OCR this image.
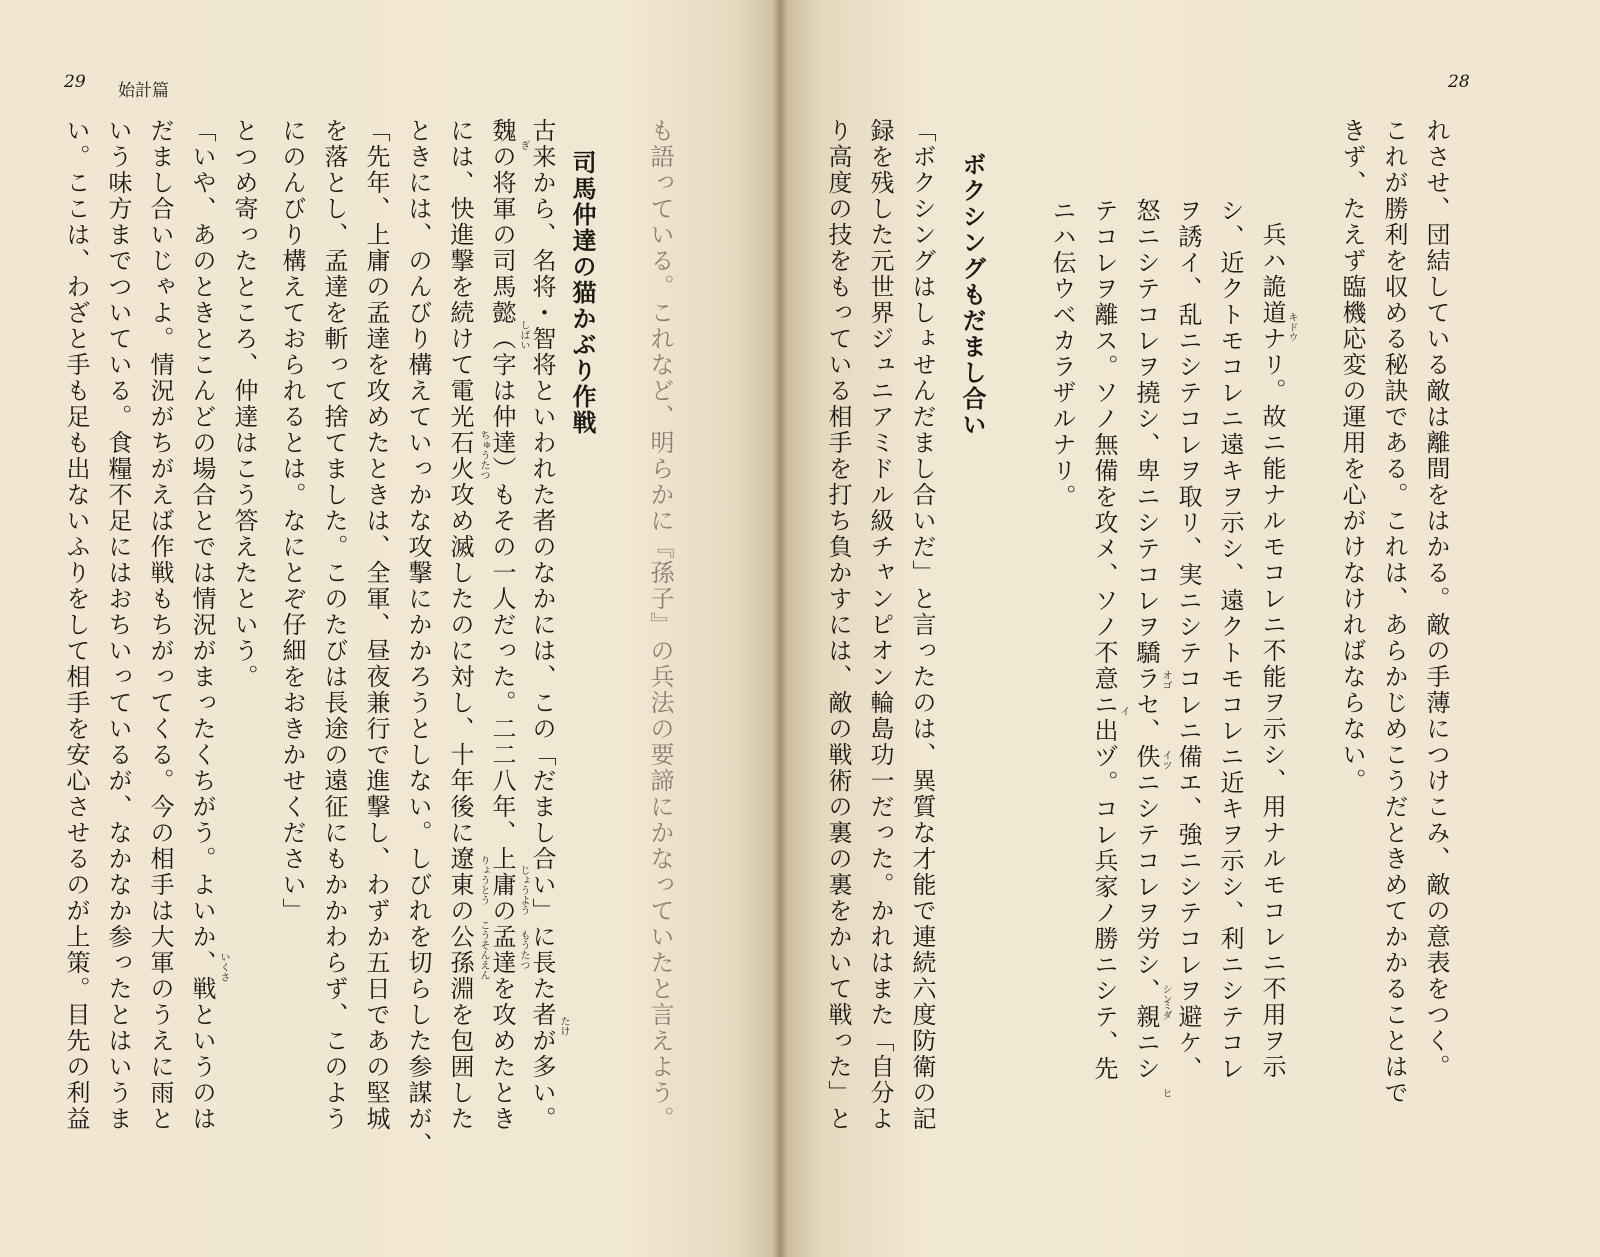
29 始計篇
も語っている。これなど、明らかに『孫子』の兵法の要諦にかなっていたと言えよう。
司馬仲達の猫かぶり作戦
古来から、名将・智将といわれた者のなかには、この「だまし合い」に長た者が多い。
魏の将軍の司馬懿（字は仲達）もその一人だった。二二八年、上庸の孟達を攻めたとき
には、快進撃を続けて電光石火攻め滅したのに対し、十年後に遼東の公孫淵を包囲した
ときには、のんびり構えていっかな攻撃にかかろうとしない。しびれを切らした参謀が、
「先年、上庸の孟達を攻めたときは、全軍、昼夜兼行で進撃し、わずか五日であの堅城
を落とし、孟達を斬って捨てました。このたびは長途の遠征にもかかわらず、このよう
にのんびり構えておられるとは。なにとぞ仔細をおきかせください」
とつめ寄ったところ、仲達はこう答えたという。
「いや、あのときとこんどの場合とでは情況がまったくちがう。よいか、戦というのは
だまし合いじゃよ。情況がちがえば作戦もちがってくる。今の相手は大軍のうえに雨と
いう味方までついている。食糧不足にはおちいっているが、なかなか参ったとはいうま
い。ここは、わざと手も足も出ないふりをして相手を安心させるのが上策。目先の利益	ぎ
たけ
しばい
ちゅうたつ
じょうよう
もうたつ
りょうとう
こうそんえん
いくさ
28
れさせ、団結している敵は離間をはかる。敵の手薄につけこみ、敵の意表をつく。
これが勝利を収める秘訣である。これは、あらかじめこうだときめてかかることはで
きず、たえず臨機応変の運用を心がけなければならない。
兵ハ詭道ナリ。故ニ能ナルモコレニ不能ヲ示シ、用ナルモコレニ不用ヲ示
シ、近クトモコレニ遠キヲ示シ、遠クトモコレニ近キヲ示シ、利ニシテコレ
ヲ誘イ、乱ニシテコレヲ取リ、実ニシテコレニ備エ、強ニシテコレヲ避ケ、
怒ニシテコレヲ撓シ、卑ニシテコレヲ驕ラセ、佚ニシテコレヲ労シ、親ニシ
テコレヲ離ス。ソノ無備を攻メ、ソノ不意ニ出ヅ。コレ兵家ノ勝ニシテ、先
ニハ伝ウベカラザルナリ。
ボクシングもだまし合い
「ボクシングはしょせんだまし合いだ」と言ったのは、異質な才能で連続六度防衛の記
録を残した元世界ジュニアミドル級チャンピオン輪島功一だった。かれはまた「自分よ
り高度の技をもっている相手を打ち負かすには、敵の戦術の裏の裏をかいて戦った」と	キドウ
ミダ
ヒ
オゴ
イツ
シン
イ
